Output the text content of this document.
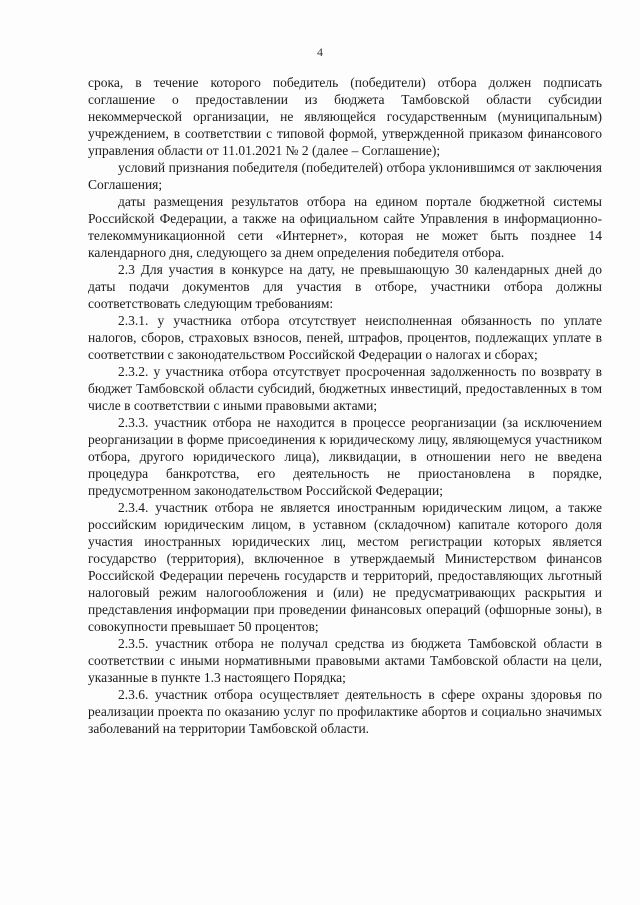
4

срока, в течение которого победитель (победители) отбора должен подписать соглашение о предоставлении из бюджета Тамбовской области субсидии некоммерческой организации, не являющейся государственным (муниципальным) учреждением, в соответствии с типовой формой, утвержденной приказом финансового управления области от 11.01.2021 № 2 (далее – Соглашение);

условий признания победителя (победителей) отбора уклонившимся от заключения Соглашения;

даты размещения результатов отбора на едином портале бюджетной системы Российской Федерации, а также на официальном сайте Управления в информационно-телекоммуникационной сети «Интернет», которая не может быть позднее 14 календарного дня, следующего за днем определения победителя отбора.

2.3 Для участия в конкурсе на дату, не превышающую 30 календарных дней до даты подачи документов для участия в отборе, участники отбора должны соответствовать следующим требованиям:

2.3.1. у участника отбора отсутствует неисполненная обязанность по уплате налогов, сборов, страховых взносов, пеней, штрафов, процентов, подлежащих уплате в соответствии с законодательством Российской Федерации о налогах и сборах;

2.3.2. у участника отбора отсутствует просроченная задолженность по возврату в бюджет Тамбовской области субсидий, бюджетных инвестиций, предоставленных в том числе в соответствии с иными правовыми актами;

2.3.3. участник отбора не находится в процессе реорганизации (за исключением реорганизации в форме присоединения к юридическому лицу, являющемуся участником отбора, другого юридического лица), ликвидации, в отношении него не введена процедура банкротства, его деятельность не приостановлена в порядке, предусмотренном законодательством Российской Федерации;

2.3.4. участник отбора не является иностранным юридическим лицом, а также российским юридическим лицом, в уставном (складочном) капитале которого доля участия иностранных юридических лиц, местом регистрации которых является государство (территория), включенное в утверждаемый Министерством финансов Российской Федерации перечень государств и территорий, предоставляющих льготный налоговый режим налогообложения и (или) не предусматривающих раскрытия и представления информации при проведении финансовых операций (офшорные зоны), в совокупности превышает 50 процентов;

2.3.5. участник отбора не получал средства из бюджета Тамбовской области в соответствии с иными нормативными правовыми актами Тамбовской области на цели, указанные в пункте 1.3 настоящего Порядка;

2.3.6. участник отбора осуществляет деятельность в сфере охраны здоровья по реализации проекта по оказанию услуг по профилактике абортов и социально значимых заболеваний на территории Тамбовской области.
